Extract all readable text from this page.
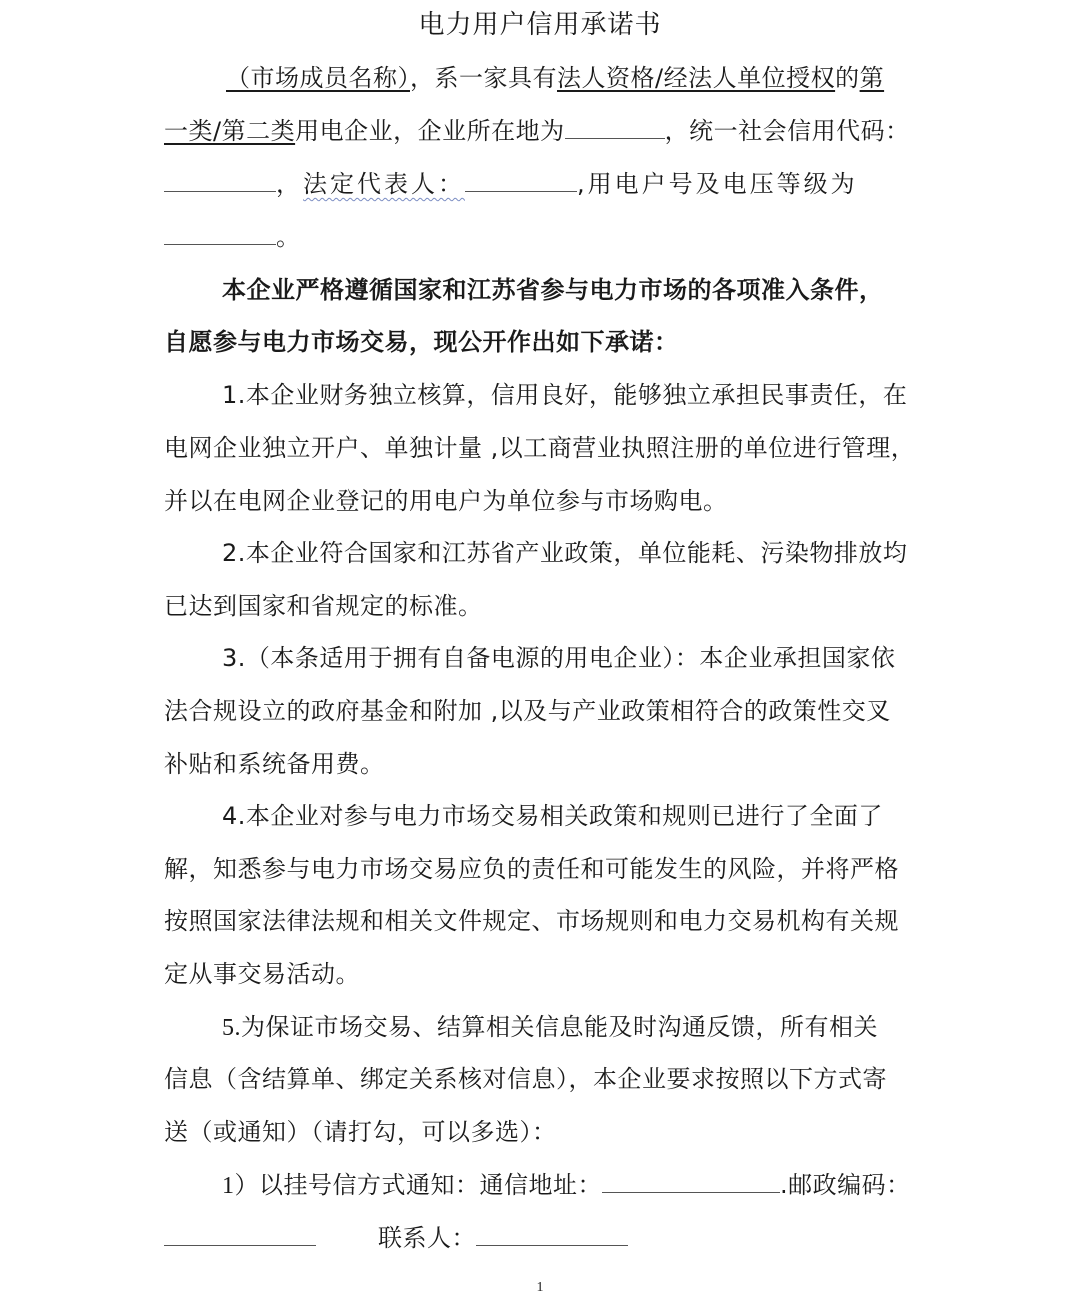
电力用户信用承诺书
（市场成员名称），系一家具有法人资格/经法人单位授权的第
一类/第二类用电企业，企业所在地为	，统一社会信用代码：
，法定代表人：	,用电户号及电压等级为
。
本企业严格遵循国家和江苏省参与电力市场的各项准入条件，
自愿参与电力市场交易，现公开作出如下承诺：
1.本企业财务独立核算，信用良好，能够独立承担民事责任，在
电网企业独立开户、单独计量 ,以工商营业执照注册的单位进行管理，
并以在电网企业登记的用电户为单位参与市场购电。
2.本企业符合国家和江苏省产业政策，单位能耗、污染物排放均
已达到国家和省规定的标准。
3.（本条适用于拥有自备电源的用电企业）：本企业承担国家依
法合规设立的政府基金和附加 ,以及与产业政策相符合的政策性交叉
补贴和系统备用费。
4.本企业对参与电力市场交易相关政策和规则已进行了全面了
解，知悉参与电力市场交易应负的责任和可能发生的风险，并将严格
按照国家法律法规和相关文件规定、市场规则和电力交易机构有关规
定从事交易活动。
5.为保证市场交易、结算相关信息能及时沟通反馈，所有相关
信息（含结算单、绑定关系核对信息），本企业要求按照以下方式寄
送（或通知）（请打勾，可以多选）：
1）以挂号信方式通知：通信地址：	.邮政编码：
联系人：
1
